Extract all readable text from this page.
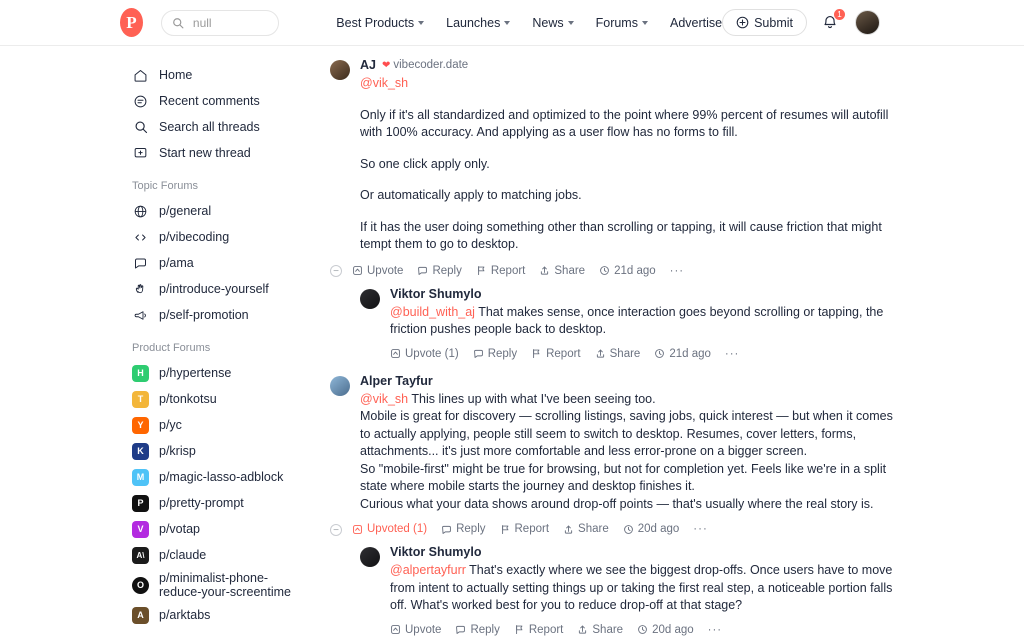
P
null	Best Products	Launches	News	Forums	Advertise	Submit
1
Home
Recent comments
Search all threads
Start new thread
Topic Forums
p/general
p/vibecoding
p/ama
p/introduce-yourself
p/self-promotion
Product Forums
H	p/hypertense
T	p/tonkotsu
Y	p/yc
K	p/krisp
M	p/magic-lasso-adblock
P	p/pretty-prompt
V	p/votap
A\	p/claude
O	p/minimalist-phone-reduce-your-screentime
A	p/arktabs
AJ ❤ vibecoder.date

@vik_sh

Only if it's all standardized and optimized to the point where 99% percent of resumes will autofill with 100% accuracy. And applying as a user flow has no forms to fill.

So one click apply only.

Or automatically apply to matching jobs.

If it has the user doing something other than scrolling or tapping, it will cause friction that might tempt them to go to desktop.

− Upvote	Reply	Report	Share	21d ago ···
Viktor Shumylo

@build_with_aj That makes sense, once interaction goes beyond scrolling or tapping, the friction pushes people back to desktop.

Upvote (1)	Reply	Report	Share	21d ago ···
Alper Tayfur

@vik_sh This lines up with what I've been seeing too.

Mobile is great for discovery — scrolling listings, saving jobs, quick interest — but when it comes to actually applying, people still seem to switch to desktop. Resumes, cover letters, forms, attachments... it's just more comfortable and less error-prone on a bigger screen.

So "mobile-first" might be true for browsing, but not for completion yet. Feels like we're in a split state where mobile starts the journey and desktop finishes it.

Curious what your data shows around drop-off points — that's usually where the real story is.

− Upvoted (1)	Reply	Report	Share	20d ago ···
Viktor Shumylo

@alpertayfurr That's exactly where we see the biggest drop-offs. Once users have to move from intent to actually setting things up or taking the first real step, a noticeable portion falls off. What's worked best for you to reduce drop-off at that stage?

Upvote	Reply	Report	Share	20d ago ···
